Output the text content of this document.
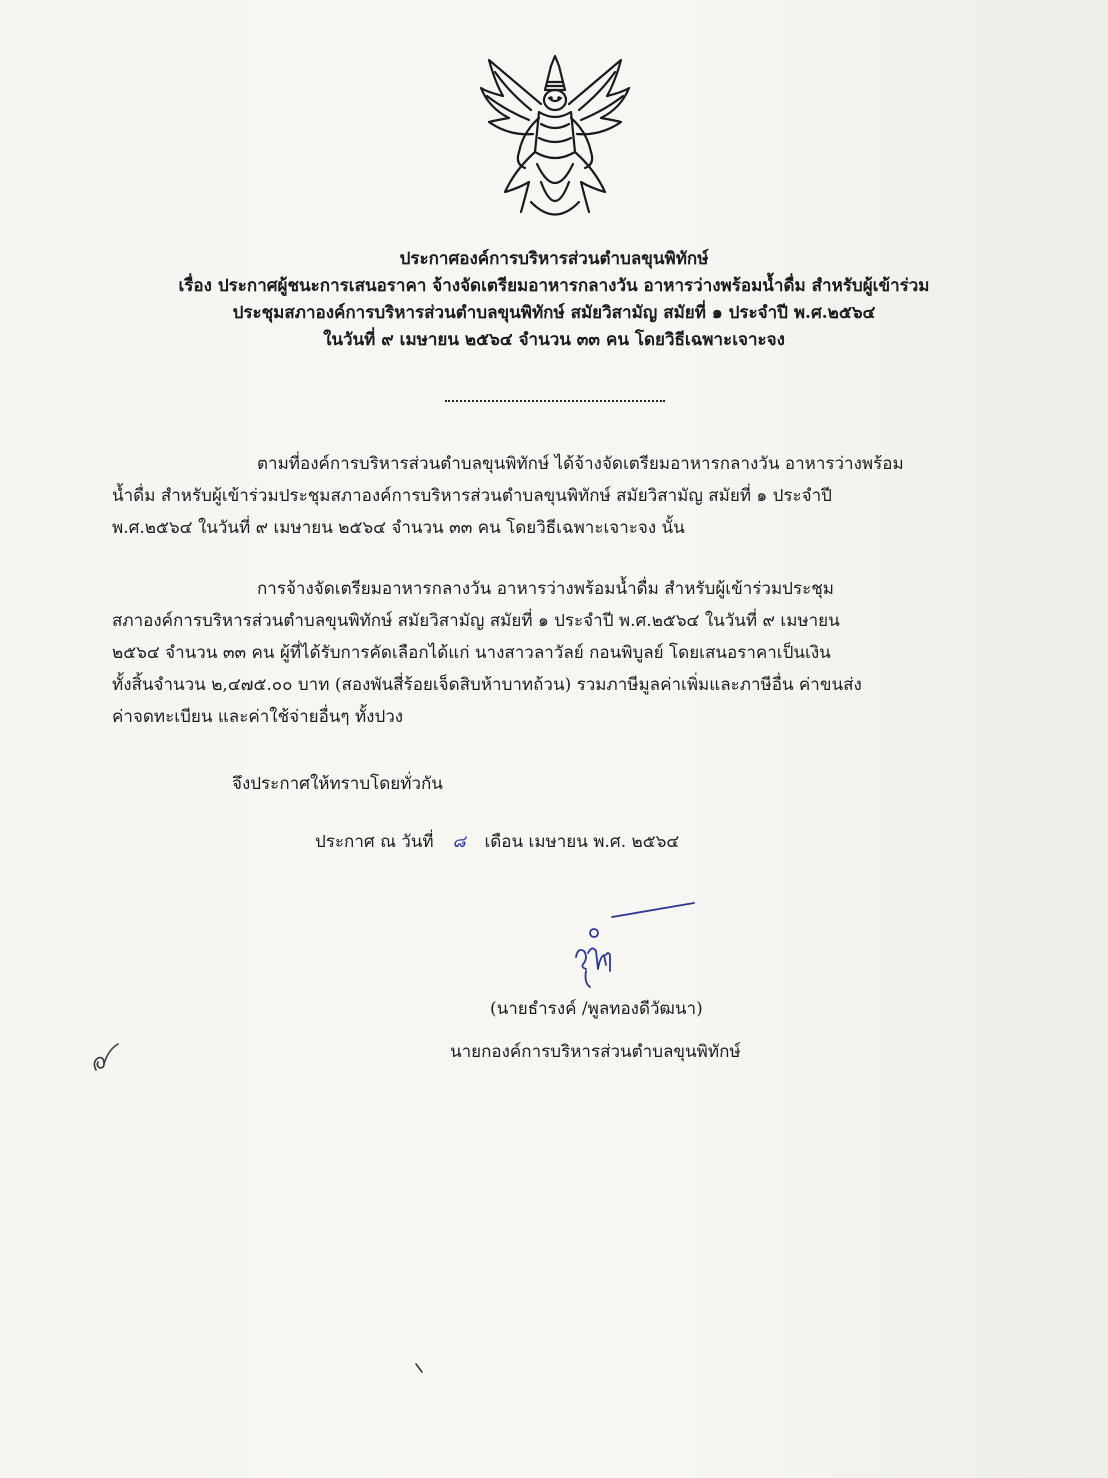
ประกาศองค์การบริหารส่วนตำบลขุนพิทักษ์
เรื่อง ประกาศผู้ชนะการเสนอราคา จ้างจัดเตรียมอาหารกลางวัน อาหารว่างพร้อมน้ำดื่ม สำหรับผู้เข้าร่วม
ประชุมสภาองค์การบริหารส่วนตำบลขุนพิทักษ์ สมัยวิสามัญ สมัยที่ ๑ ประจำปี พ.ศ.๒๕๖๔
ในวันที่ ๙ เมษายน ๒๕๖๔ จำนวน ๓๓ คน โดยวิธีเฉพาะเจาะจง
ตามที่องค์การบริหารส่วนตำบลขุนพิทักษ์ ได้จ้างจัดเตรียมอาหารกลางวัน อาหารว่างพร้อม
น้ำดื่ม สำหรับผู้เข้าร่วมประชุมสภาองค์การบริหารส่วนตำบลขุนพิทักษ์ สมัยวิสามัญ สมัยที่ ๑ ประจำปี
พ.ศ.๒๕๖๔ ในวันที่ ๙ เมษายน ๒๕๖๔ จำนวน ๓๓ คน โดยวิธีเฉพาะเจาะจง นั้น
การจ้างจัดเตรียมอาหารกลางวัน อาหารว่างพร้อมน้ำดื่ม สำหรับผู้เข้าร่วมประชุม
สภาองค์การบริหารส่วนตำบลขุนพิทักษ์ สมัยวิสามัญ สมัยที่ ๑ ประจำปี พ.ศ.๒๕๖๔ ในวันที่ ๙ เมษายน
๒๕๖๔ จำนวน ๓๓ คน ผู้ที่ได้รับการคัดเลือกได้แก่ นางสาวลาวัลย์ กอนพิบูลย์ โดยเสนอราคาเป็นเงิน
ทั้งสิ้นจำนวน ๒,๔๗๕.๐๐ บาท (สองพันสี่ร้อยเจ็ดสิบห้าบาทถ้วน) รวมภาษีมูลค่าเพิ่มและภาษีอื่น ค่าขนส่ง
ค่าจดทะเบียน และค่าใช้จ่ายอื่นๆ ทั้งปวง
จึงประกาศให้ทราบโดยทั่วกัน
ประกาศ ณ วันที่ ๘ เดือน เมษายน พ.ศ. ๒๕๖๔
(นายธำรงค์ /พูลทองดีวัฒนา)
นายกองค์การบริหารส่วนตำบลขุนพิทักษ์
